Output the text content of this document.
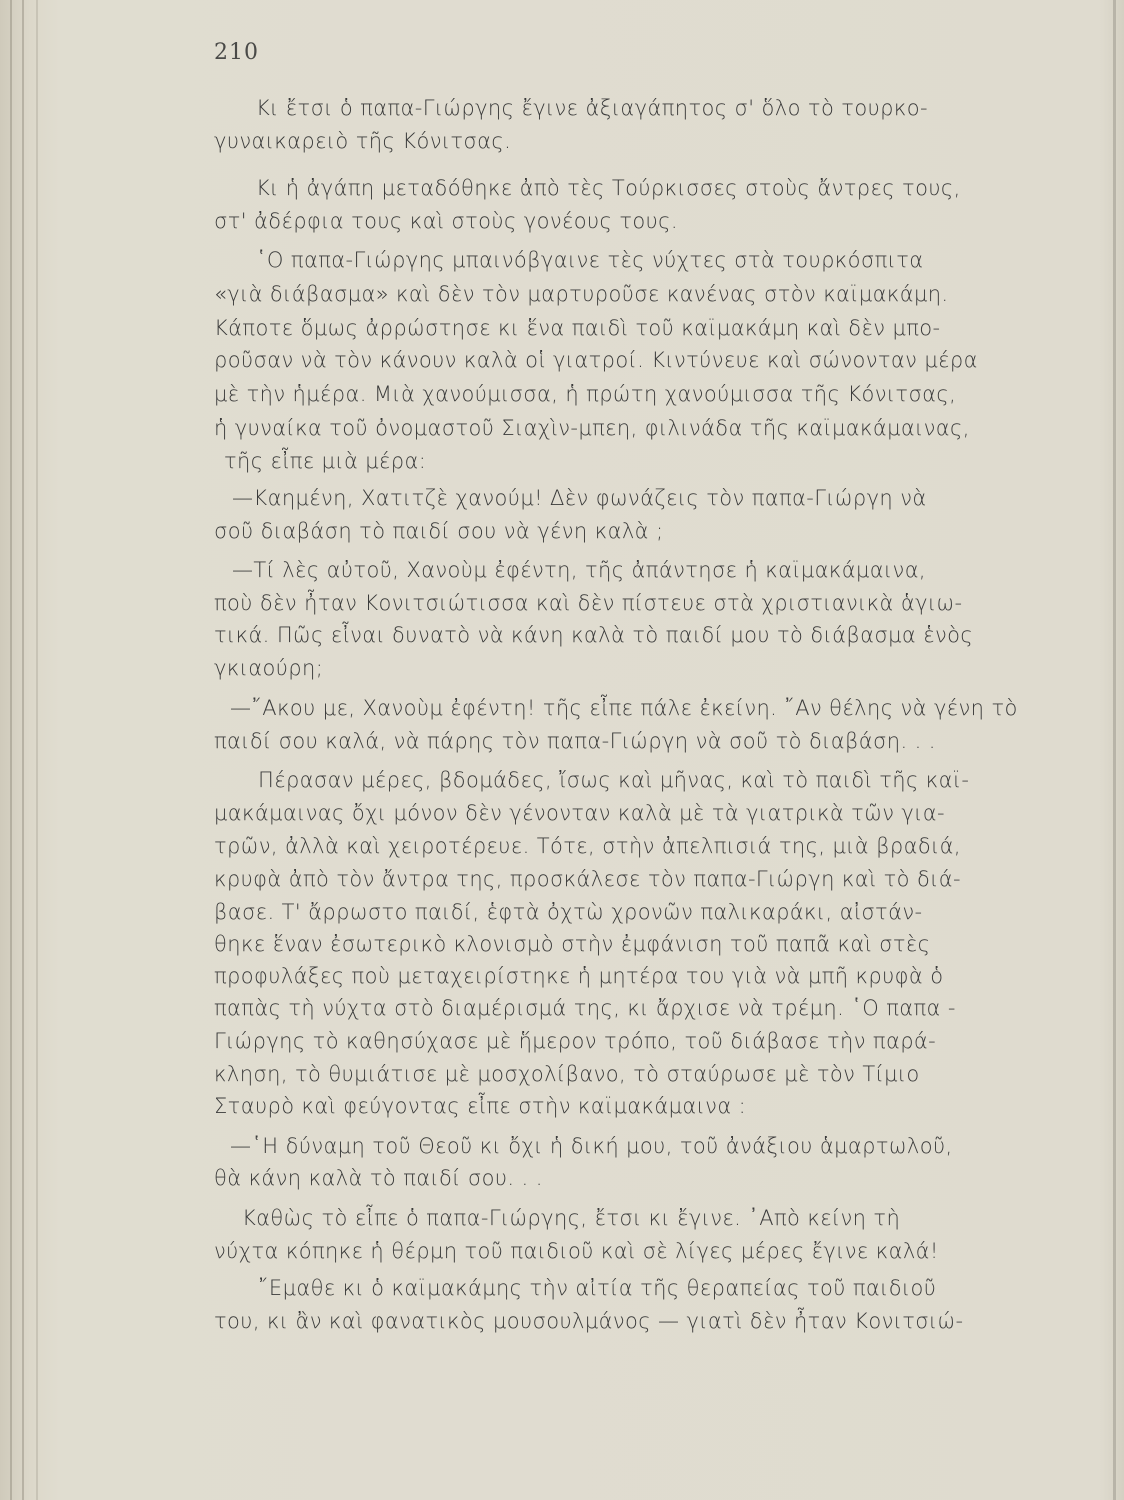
210
Κι ἔτσι ὁ παπα-Γιώργης ἔγινε ἀξιαγάπητος σ' ὅλο τὸ τουρκο-
γυναικαρειὸ τῆς Κόνιτσας.
Κι ἡ ἀγάπη μεταδόθηκε ἀπὸ τὲς Τούρκισσες στοὺς ἄντρες τους,
στ' ἀδέρφια τους καὶ στοὺς γονέους τους.
῾Ο παπα-Γιώργης μπαινόβγαινε τὲς νύχτες στὰ τουρκόσπιτα
«γιὰ διάβασμα» καὶ δὲν τὸν μαρτυροῦσε κανένας στὸν καϊμακάμη.
Κάποτε ὅμως ἀρρώστησε κι ἕνα παιδὶ τοῦ καϊμακάμη καὶ δὲν μπο-
ροῦσαν νὰ τὸν κάνουν καλὰ οἱ γιατροί. Κιντύνευε καὶ σώνονταν μέρα
μὲ τὴν ἡμέρα. Μιὰ χανούμισσα, ἡ πρώτη χανούμισσα τῆς Κόνιτσας,
ἡ γυναίκα τοῦ ὀνομαστοῦ Σιαχὶν-μπεη, φιλινάδα τῆς καϊμακάμαινας,
τῆς εἶπε μιὰ μέρα:
—Καημένη, Χατιτζὲ χανούμ! Δὲν φωνάζεις τὸν παπα-Γιώργη νὰ
σοῦ διαβάση τὸ παιδί σου νὰ γένη καλὰ ;
—Τί λὲς αὐτοῦ, Χανοὺμ ἐφέντη, τῆς ἀπάντησε ἡ καϊμακάμαινα,
ποὺ δὲν ἦταν Κονιτσιώτισσα καὶ δὲν πίστευε στὰ χριστιανικὰ ἁγιω-
τικά. Πῶς εἶναι δυνατὸ νὰ κάνη καλὰ τὸ παιδί μου τὸ διάβασμα ἑνὸς
γκιαούρη;
—῎Ακου με, Χανοὺμ ἐφέντη! τῆς εἶπε πάλε ἐκείνη. ῎Αν θέλης νὰ γένη τὸ
παιδί σου καλά, νὰ πάρης τὸν παπα-Γιώργη νὰ σοῦ τὸ διαβάση. . .
Πέρασαν μέρες, βδομάδες, ἴσως καὶ μῆνας, καὶ τὸ παιδὶ τῆς καϊ-
μακάμαινας ὄχι μόνον δὲν γένονταν καλὰ μὲ τὰ γιατρικὰ τῶν για-
τρῶν, ἀλλὰ καὶ χειροτέρευε. Τότε, στὴν ἀπελπισιά της, μιὰ βραδιά,
κρυφὰ ἀπὸ τὸν ἄντρα της, προσκάλεσε τὸν παπα-Γιώργη καὶ τὸ διά-
βασε. Τ' ἄρρωστο παιδί, ἑφτὰ ὀχτὼ χρονῶν παλικαράκι, αἰστάν-
θηκε ἕναν ἐσωτερικὸ κλονισμὸ στὴν ἐμφάνιση τοῦ παπᾶ καὶ στὲς
προφυλάξες ποὺ μεταχειρίστηκε ἡ μητέρα του γιὰ νὰ μπῆ κρυφὰ ὁ
παπὰς τὴ νύχτα στὸ διαμέρισμά της, κι ἄρχισε νὰ τρέμη. ῾Ο παπα -
Γιώργης τὸ καθησύχασε μὲ ἥμερον τρόπο, τοῦ διάβασε τὴν παρά-
κληση, τὸ θυμιάτισε μὲ μοσχολίβανο, τὸ σταύρωσε μὲ τὸν Τίμιο
Σταυρὸ καὶ φεύγοντας εἶπε στὴν καϊμακάμαινα :
—῾Η δύναμη τοῦ Θεοῦ κι ὄχι ἡ δική μου, τοῦ ἀνάξιου ἁμαρτωλοῦ,
θὰ κάνη καλὰ τὸ παιδί σου. . .
Καθὼς τὸ εἶπε ὁ παπα-Γιώργης, ἔτσι κι ἔγινε. ᾽Απὸ κείνη τὴ
νύχτα κόπηκε ἡ θέρμη τοῦ παιδιοῦ καὶ σὲ λίγες μέρες ἔγινε καλά!
῎Εμαθε κι ὁ καϊμακάμης τὴν αἰτία τῆς θεραπείας τοῦ παιδιοῦ
του, κι ἂν καὶ φανατικὸς μουσουλμάνος — γιατὶ δὲν ἦταν Κονιτσιώ-
